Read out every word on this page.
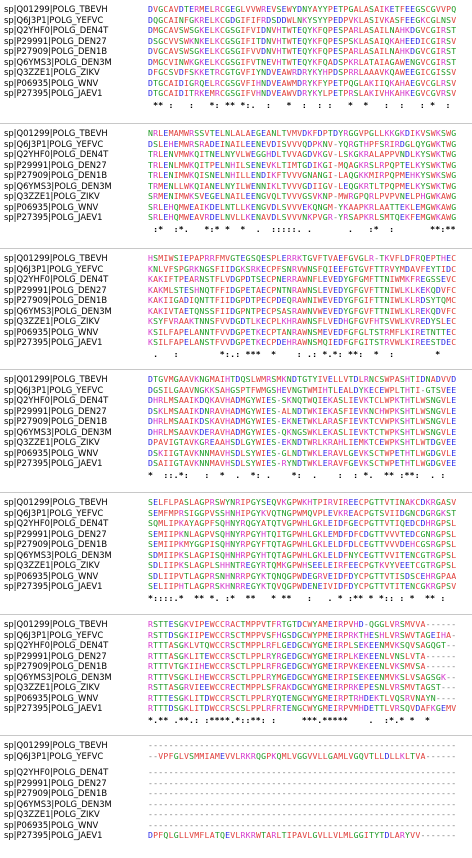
sp|Q01299|POLG_TBEVH	DVGCAVDTERMELRCGEGLVVWREVSEWYDNYAYYPETPGALASAIKETFEEGSCGVVPQ
sp|Q6J3P1|POLG_YEFVC	DQGCAINFGKRELKCGDGIFIFRDSDDWLNKYSYYPEDPVKLASIVKASFEEGKCGLNSV
sp|Q2YHF0|POLG_DEN4T	DMGCAVSWSGKELKCGSGIFVIDNVHTWTEQYKFQPESPARLASAILNAHKDGVCGIRST
sp|P29991|POLG_DEN27	DSGCVVSWKNKELKCGSGIFITDNVHTWTEQYKFQPESPSKLASAIQKAHEEDICGIRSV
sp|P27909|POLG_DEN1B	DVGCAVSWSGKELKCGSGIFVVDNVHTWTEQYKFQPESPARLASAILNAHKDGVCGIRST
sp|Q6YMS3|POLG_DEN3M	DMGCVINWKGKELKCGSGIFVTNEVHTWTEQYKFQADSPKRLATAIAGAWENGVCGIRST
sp|Q3ZZE1|POLG_ZIKV	DFGCSVDFSKKETRCGTGVFIYNDVEAWRDRYKYHPDSPRRLAAAVKQAWEEGICGISSV
sp|P06935|POLG_WNV	DTGCAIDIGRQELRCGSGVFIHNDVEAWMDRYKFYPETPQGLAKIIQKAHAEGVCGLRSV
sp|P27395|POLG_JAEV1	DTGCAIDITRKEMRCGSGIFVHNDVEAWVDRYKYLPETPRSLAKIVHKAHKEGVCGVRSV
** :   :   *: ** *:.  :   *  :  : :   *  *   :  :   : *  :
sp|Q01299|POLG_TBEVH	NRLEMAMWRSSVTELNLALAEGEANLTVMVDKFDPTDYRGGVPGLLKKGKDIKVSWKSWG
sp|Q6J3P1|POLG_YEFVC	DSLEHEMWRSRADEINAILEENEVDISVVVQDPKNV-YQRGTHPFSRIRDGLQYGWKTWG
sp|Q2YHF0|POLG_DEN4T	TRLENVMWKQITNELNYVLWEGGHDLTVVAGDVKGV-LSKGKRALAPPVNDLKYSWKTWG
sp|P29991|POLG_DEN27	TRLENLMWKQITPELNHILSENEVKLTIMTGDIKGI-MQAGKRSLRPQPTELKYSWKTWG
sp|P27909|POLG_DEN1B	TRLENIMWKQISNELNHILLENDIKFTVVVGNANGI-LAQGKKMIRPQPMEHKYSWKSWG
sp|Q6YMS3|POLG_DEN3M	TRMENLLWKQIANELNYILWENNIKLTVVVGDIIGV-LEQGKRTLTPQPMELKYSWKTWG
sp|Q3ZZE1|POLG_ZIKV	SRMENIMWKSVEGELNAILEENGVQLTVVVGSVKNP-MWRGPQRLPVPVNELPHGWKAWG
sp|P06935|POLG_WNV	SRLEHQMWEAIKDELNTLLKENGVDLSVVVEKQNGM-YKAAPKRLAATTEKLEMGWKAWG
sp|P27395|POLG_JAEV1	SRLEHQMWEAVRDELNVLLKENAVDLSVVVNKPVGR-YRSAPKRLSMTQEKFEMGWKAWG
:*  :*.   *:* *  *  .  :::::. .       .   :*  :       **:**
sp|Q01299|POLG_TBEVH	HSMIWSIEPAPRRFMVGTEGSQESPLERRKTGVFTVAEFGVGLR-TKVFLDFRQEPTHEC
sp|Q6J3P1|POLG_YEFVC	KNLVFSPGRKNGSFIIDGKSRKECPFSNRVWNSFQIEEFGTGVFTTRVYMDAVFEYTIDC
sp|Q2YHF0|POLG_DEN4T	KAKIFTPEARNSTFLVDGPDTSECPNERRAWNFLEVEDYGFGMFTTNIWMKFREGSSEVC
sp|P29991|POLG_DEN27	KAKMLSTESHNQTFFIDGPETAECPNTNRAWNSLEVEDYGFGVFTTNIWLKLKEKQDVFC
sp|P27909|POLG_DEN1B	KAKIIGADIQNTTFIIDGPDTPECPDEQRAWNIWEVEDYGFGIFTTNIWLKLRDSYTQMC
sp|Q6YMS3|POLG_DEN3M	KAKIVTAETQNSSFIIDGPNTPECPSASRAWNVWEVEDYGFGVFTTNIWLKLREKQDVFC
sp|Q3ZZE1|POLG_ZIKV	KSYFVRAAKTNNSFVVDGDTLKECPLKHRAWNSFLVEDHGFGVFHTSVWLKVREDYSLEC
sp|P06935|POLG_WNV	KSILFAPELANNTFVVDGPETKECPTANRAWNSMEVEDFGFGLTSTRMFLKIRETNTTEC
sp|P27395|POLG_JAEV1	KSILFAPELANSTFVVDGPETKECPDEHRAWNSMQIEDFGFGITSTRVWLKIREESTDEC
.   :        *:.: ***  *    : .: *.*: **:  *  :        *
sp|Q01299|POLG_TBEVH	DTGVMGAAVKNGMAIHTDQSLWMRSMKNDTGTYIVELLVTDLRNCSWPASHTIDNADVVD
sp|Q6J3P1|POLG_YEFVC	DGSILGAAVNGKKSAHGSPTFWMGSHEVNGTWMIHTLEALDYKECEWPLTHTI-GTSVEE
sp|Q2YHF0|POLG_DEN4T	DHRLMSAAIKDQKAVHADMGYWIES-SKNQTWQIEKASLIEVKTCLWPKTHTLWSNGVLE
sp|P29991|POLG_DEN27	DSKLMSAAIKDNRAVHADMGYWIES-ALNDTWKIEKASFIEVKNCHWPKSHTLWSNGVLE
sp|P27909|POLG_DEN1B	DHRLMSAAIKDSKAVHADMGYWIES-EKNETWKLARASFIEVKTCVWPKSHTLWSNGVLE
sp|Q6YMS3|POLG_DEN3M	DHRLMSAAVKDERAVHADMGYWIES-QKNGSWKLEKASLIEVKTCTWPKSHTLWSNGVLE
sp|Q3ZZE1|POLG_ZIKV	DPAVIGTAVKGREAAHSDLGYWIES-EKNDTWRLKRAHLIEMKTCEWPKSHTLWTDGVEE
sp|P06935|POLG_WNV	DSKIIGTAVKNNMAVHSDLSYWIES-GLNDTWKLERAVLGEVKSCTWPETHTLWGDGVLE
sp|P27395|POLG_JAEV1	DSAIIGTAVKNNMAVHSDLSYWIES-RYNDTWKLERAVFGEVKSCTWPETHTLWGDGVEE
*  ::.*:   :  *  .  *: .    *:  .    :  : *.  ** :**:  . :
sp|Q01299|POLG_TBEVH	SELFLPASLAGPRSWYNRIPGYSEQVKGPWKHTPIRVIREECPGTTVTINAKCDKRGASV
sp|Q6J3P1|POLG_YEFVC	SEMFMPRSIGGPVSSHNHIPGYKVQTNGPWMQVPLEVKREACPGTSVIIDGNCDGRGKST
sp|Q2YHF0|POLG_DEN4T	SQMLIPKAYAGPFSQHNYRQGYATQTVGPWHLGKLEIDFGECPGTTVTIQEDCDHRGPSL
sp|P29991|POLG_DEN27	SEMIIPKNLAGPVSQHNYRPGYHTQITGPWHLGKLEMDFDFCDGTTVVVTEDCGNRGPSL
sp|P27909|POLG_DEN1B	SEMIIPKMYGGPISQHNYRPGYFTQTAGPWHLGKLELDFDLCEGTTVVVDEHCGSRGPSL
sp|Q6YMS3|POLG_DEN3M	SDMIIPKSLAGPISQHNHRPGYHTQTAGPWHLGKLELDFNYCEGTTVVITENCGTRGPSL
sp|Q3ZZE1|POLG_ZIKV	SDLIIPKSLAGPLSHHNTREGYRTQMKGPWHSEELEIRFEECPGTKVYVEETCGTRGPSL
sp|P06935|POLG_WNV	SDLIIPVTLAGPRSNHNRRPGYKTQNQGPWDEGRVEIDFDYCPGTTVTISDSCEHRGPAA
sp|P27395|POLG_JAEV1	SELIIPHTLAGPRSKHNRREGYKTQVQGPWDENEIVIDFDYCPGTTVTITENCGKRGPSV
*::::.*  ** *. :*  **   * **   :   . * :** * *:: : *  ** :
sp|Q01299|POLG_TBEVH	RSTTESGKVIPEWCCRACTMPPVTFRTGTDCWYAMEIRPVHD-QGGLVRSMVVA------
sp|Q6J3P1|POLG_YEFVC	RSTTDSGKIIPEWCCRSCTMPPVSFHGSDGCWYPMEIRPRKTHESHLVRSWVTAGEIHA-
sp|Q2YHF0|POLG_DEN4T	RTTTASGKLVTQWCCRSCTMPPLRFLGEDGCWYGMEIRPLSEKEENMVKSQVSAGQGT--
sp|P29991|POLG_DEN27	RTTTASGKLITEWCCRSCTLPPLRYRGEDGCWYGMEIRPLKEKEENLVNSLVTA------
sp|P27909|POLG_DEN1B	RTTTVTGKIIHEWCCRSCTLPPLRFRGEDGCWYGMEIRPVKEKEENLVKSMVSA------
sp|Q6YMS3|POLG_DEN3M	RTTTVSGKLIHEWCCRSCTLPPLRYMGEDGCWYGMEIRPISEKEENMVKSLVSAGSGK--
sp|Q3ZZE1|POLG_ZIKV	RSTTASGRVIEEWCCRECTMPPLSFRAKDGCWYGMEIRPRKEPESNLVRSMVTAGST---
sp|P06935|POLG_WNV	RTTTESGKLITDWCCRSCTLPPLRYQTENGCWYGMEIRPTRHDEKTLVQSRVNAYN----
sp|P27395|POLG_JAEV1	RTTTDSGKLITDWCCRSCSLPPLRFRTENGCWYGMEIRPVMHDETTLVRSQVDAFKGEMV
*.** .**.: :****.*::**: :     ***.*****    .  :*.* *  *
sp|Q01299|POLG_TBEVH	------------------------------------------------------------
sp|Q6J3P1|POLG_YEFVC	--VPFGLVSMMIAMEVVLRKRQGPKQMLVGGVVLLGAMLVGQVTLLDLLKLTVA------
sp|Q2YHF0|POLG_DEN4T	------------------------------------------------------------
sp|P29991|POLG_DEN27	------------------------------------------------------------
sp|P27909|POLG_DEN1B	------------------------------------------------------------
sp|Q6YMS3|POLG_DEN3M	------------------------------------------------------------
sp|Q3ZZE1|POLG_ZIKV	------------------------------------------------------------
sp|P06935|POLG_WNV	------------------------------------------------------------
sp|P27395|POLG_JAEV1	DPFQLGLLVMFLATQEVLRKRWTARLTIPAVLGVLLVLMLGGITYTDLARYVV-------
